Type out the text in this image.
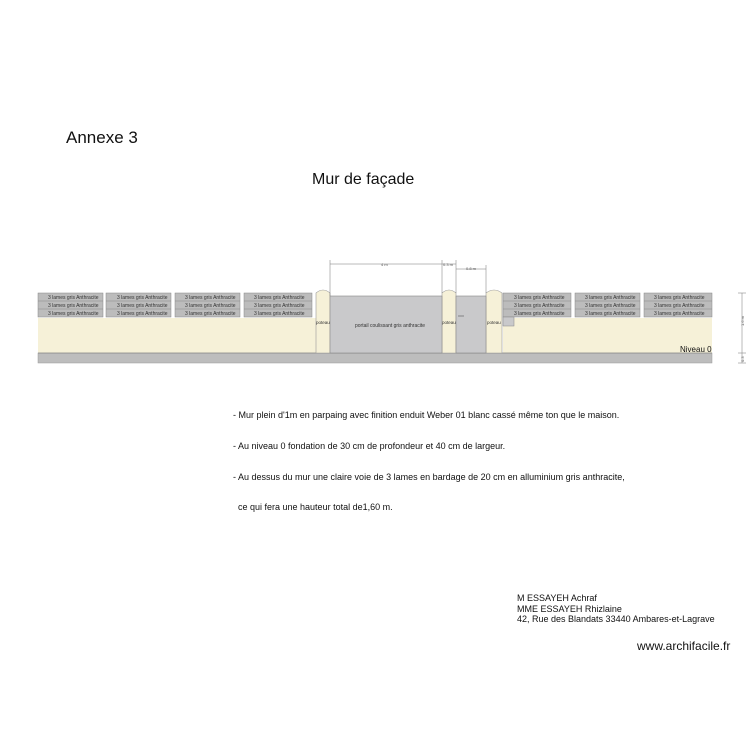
Annexe 3
Mur de façade
3 lames gris Anthracite
3 lames gris Anthracite
3 lames gris Anthracite
3 lames gris Anthracite
3 lames gris Anthracite
3 lames gris Anthracite
3 lames gris Anthracite
3 lames gris Anthracite
3 lames gris Anthracite
3 lames gris Anthracite
3 lames gris Anthracite
3 lames gris Anthracite
3 lames gris Anthracite
3 lames gris Anthracite
3 lames gris Anthracite
3 lames gris Anthracite
3 lames gris Anthracite
3 lames gris Anthracite
3 lames gris Anthracite
3 lames gris Anthracite
3 lames gris Anthracite
poteau	poteau	poteau
portail coulissant gris anthracite
4 m	0.3 m
0.8 m
1.6 m
0.3
Niveau 0

- Mur plein d'1m en parpaing avec finition enduit Weber 01 blanc cassé même ton que le maison.

- Au niveau 0 fondation de 30 cm de profondeur et 40 cm de largeur.

- Au dessus du mur une claire voie de 3 lames en bardage de 20 cm en alluminium gris anthracite,

ce qui fera une hauteur total de1,60 m.

M ESSAYEH Achraf
MME ESSAYEH Rhizlaine
42, Rue des Blandats 33440 Ambares-et-Lagrave
www.archifacile.fr
